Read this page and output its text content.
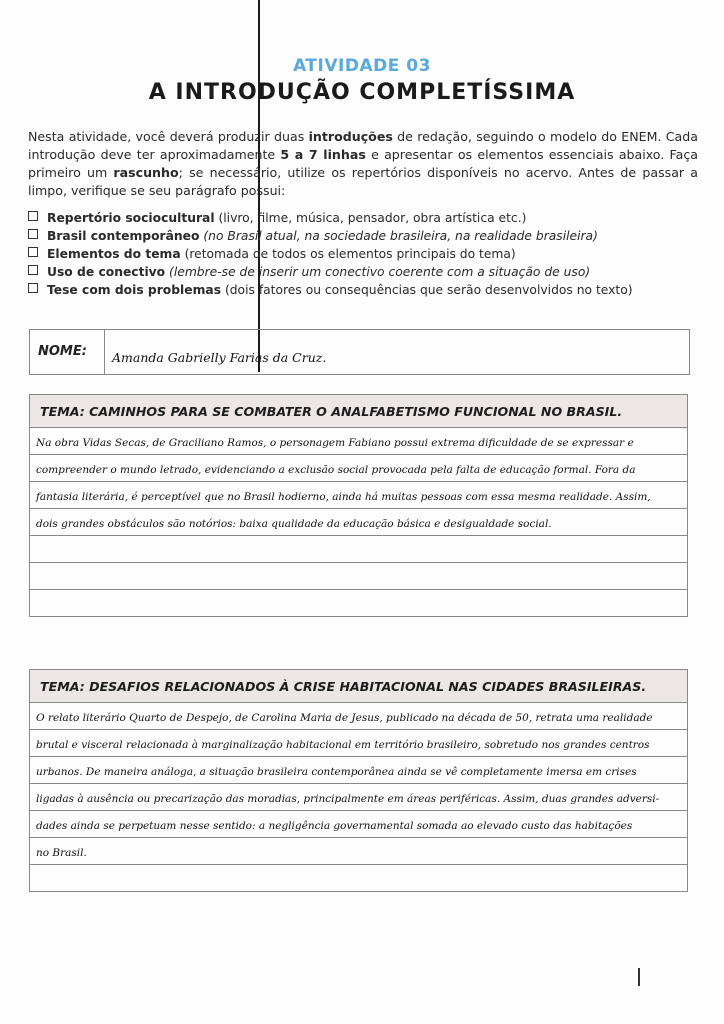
ATIVIDADE 03
A INTRODUÇÃO COMPLETÍSSIMA
Nesta atividade, você deverá produzir duas introduções de redação, seguindo o modelo do ENEM. Cada introdução deve ter aproximadamente 5 a 7 linhas e apresentar os elementos essenciais abaixo. Faça primeiro um rascunho; se necessário, utilize os repertórios disponíveis no acervo. Antes de passar a limpo, verifique se seu parágrafo possui:
Repertório sociocultural (livro, filme, música, pensador, obra artística etc.)
Brasil contemporâneo (no Brasil atual, na sociedade brasileira, na realidade brasileira)
Elementos do tema (retomada de todos os elementos principais do tema)
Uso de conectivo (lembre-se de inserir um conectivo coerente com a situação de uso)
Tese com dois problemas (dois fatores ou consequências que serão desenvolvidos no texto)
NOME: Amanda Gabrielly Farias da Cruz.
TEMA: CAMINHOS PARA SE COMBATER O ANALFABETISMO FUNCIONAL NO BRASIL.
Na obra Vidas Secas, de Graciliano Ramos, o personagem Fabiano possui extrema dificuldade de se expressar e
compreender o mundo letrado, evidenciando a exclusão social provocada pela falta de educação formal. Fora da
fantasia literária, é perceptível que no Brasil hodierno, ainda há muitas pessoas com essa mesma realidade. Assim,
dois grandes obstáculos são notórios: baixa qualidade da educação básica e desigualdade social.
TEMA: DESAFIOS RELACIONADOS À CRISE HABITACIONAL NAS CIDADES BRASILEIRAS.
O relato literário Quarto de Despejo, de Carolina Maria de Jesus, publicado na década de 50, retrata uma realidade
brutal e visceral relacionada à marginalização habitacional em território brasileiro, sobretudo nos grandes centros
urbanos. De maneira análoga, a situação brasileira contemporânea ainda se vê completamente imersa em crises
ligadas à ausência ou precarização das moradias, principalmente em áreas periféricas. Assim, duas grandes adversi-
dades ainda se perpetuam nesse sentido: a negligência governamental somada ao elevado custo das habitações
no Brasil.
